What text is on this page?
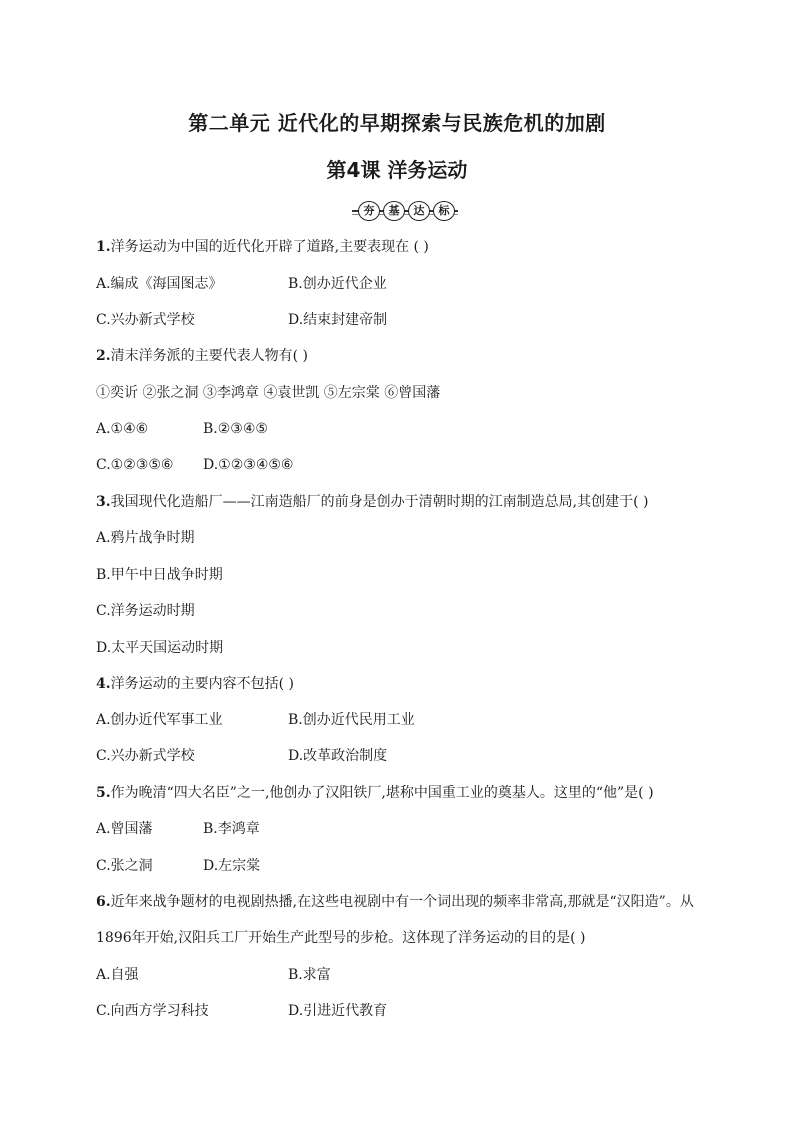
第二单元 近代化的早期探索与民族危机的加剧
第4课 洋务运动
夯	基	达	标
1.洋务运动为中国的近代化开辟了道路,主要表现在 ( )
A.编成《海国图志》	B.创办近代企业
C.兴办新式学校	D.结束封建帝制
2.清末洋务派的主要代表人物有( )
①奕䜣 ②张之洞 ③李鸿章 ④袁世凯 ⑤左宗棠 ⑥曾国藩
A.①④⑥	B.②③④⑤
C.①②③⑤⑥ D.①②③④⑤⑥
3.我国现代化造船厂——江南造船厂的前身是创办于清朝时期的江南制造总局,其创建于( )
A.鸦片战争时期
B.甲午中日战争时期
C.洋务运动时期
D.太平天国运动时期
4.洋务运动的主要内容不包括( )
A.创办近代军事工业	B.创办近代民用工业
C.兴办新式学校	D.改革政治制度
5.作为晚清“四大名臣”之一,他创办了汉阳铁厂,堪称中国重工业的奠基人。这里的“他”是( )
A.曾国藩	B.李鸿章
C.张之洞	D.左宗棠
6.近年来战争题材的电视剧热播,在这些电视剧中有一个词出现的频率非常高,那就是“汉阳造”。从
1896年开始,汉阳兵工厂开始生产此型号的步枪。这体现了洋务运动的目的是( )
A.自强	B.求富
C.向西方学习科技	D.引进近代教育
